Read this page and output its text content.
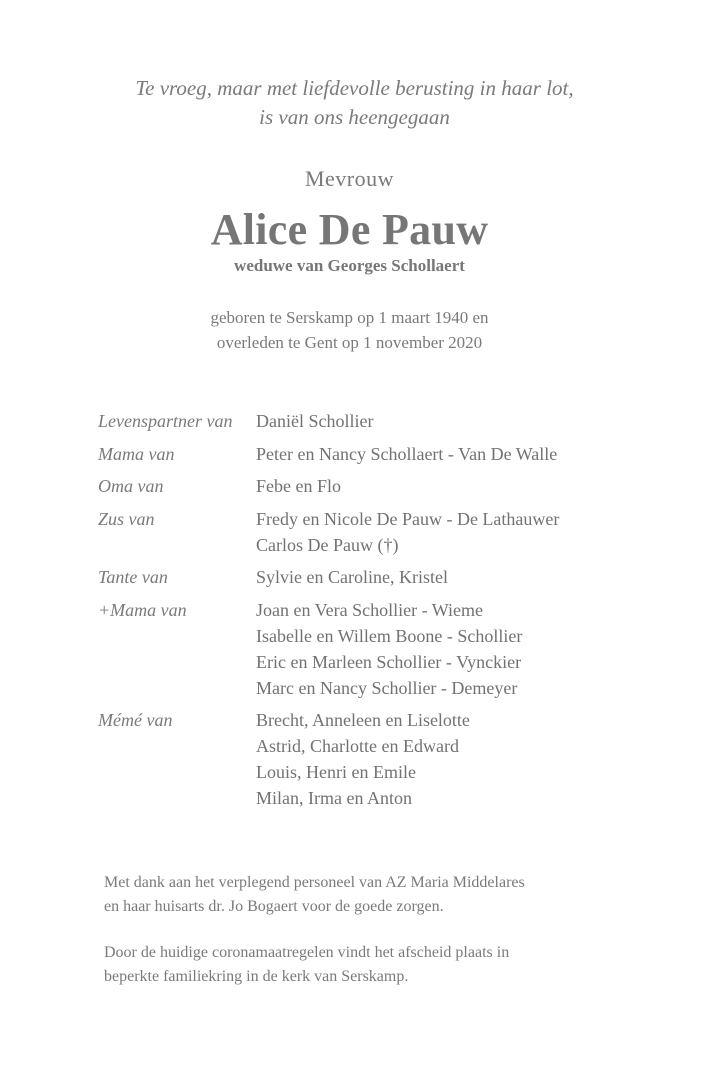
Te vroeg, maar met liefdevolle berusting in haar lot,
is van ons heengegaan
Mevrouw
Alice De Pauw
weduwe van Georges Schollaert
geboren te Serskamp op 1 maart 1940 en
overleden te Gent op 1 november 2020
Levenspartner van	Daniël Schollier
Mama van	Peter en Nancy Schollaert - Van De Walle
Oma van	Febe en Flo
Zus van	Fredy en Nicole De Pauw - De Lathauwer
Carlos De Pauw (†)
Tante van	Sylvie en Caroline, Kristel
+Mama van	Joan en Vera Schollier - Wieme
Isabelle en Willem Boone - Schollier
Eric en Marleen Schollier - Vynckier
Marc en Nancy Schollier - Demeyer
Mémé van	Brecht, Anneleen en Liselotte
Astrid, Charlotte en Edward
Louis, Henri en Emile
Milan, Irma en Anton
Met dank aan het verplegend personeel van AZ Maria Middelares
en haar huisarts dr. Jo Bogaert voor de goede zorgen.
Door de huidige coronamaatregelen vindt het afscheid plaats in
beperkte familiekring in de kerk van Serskamp.
